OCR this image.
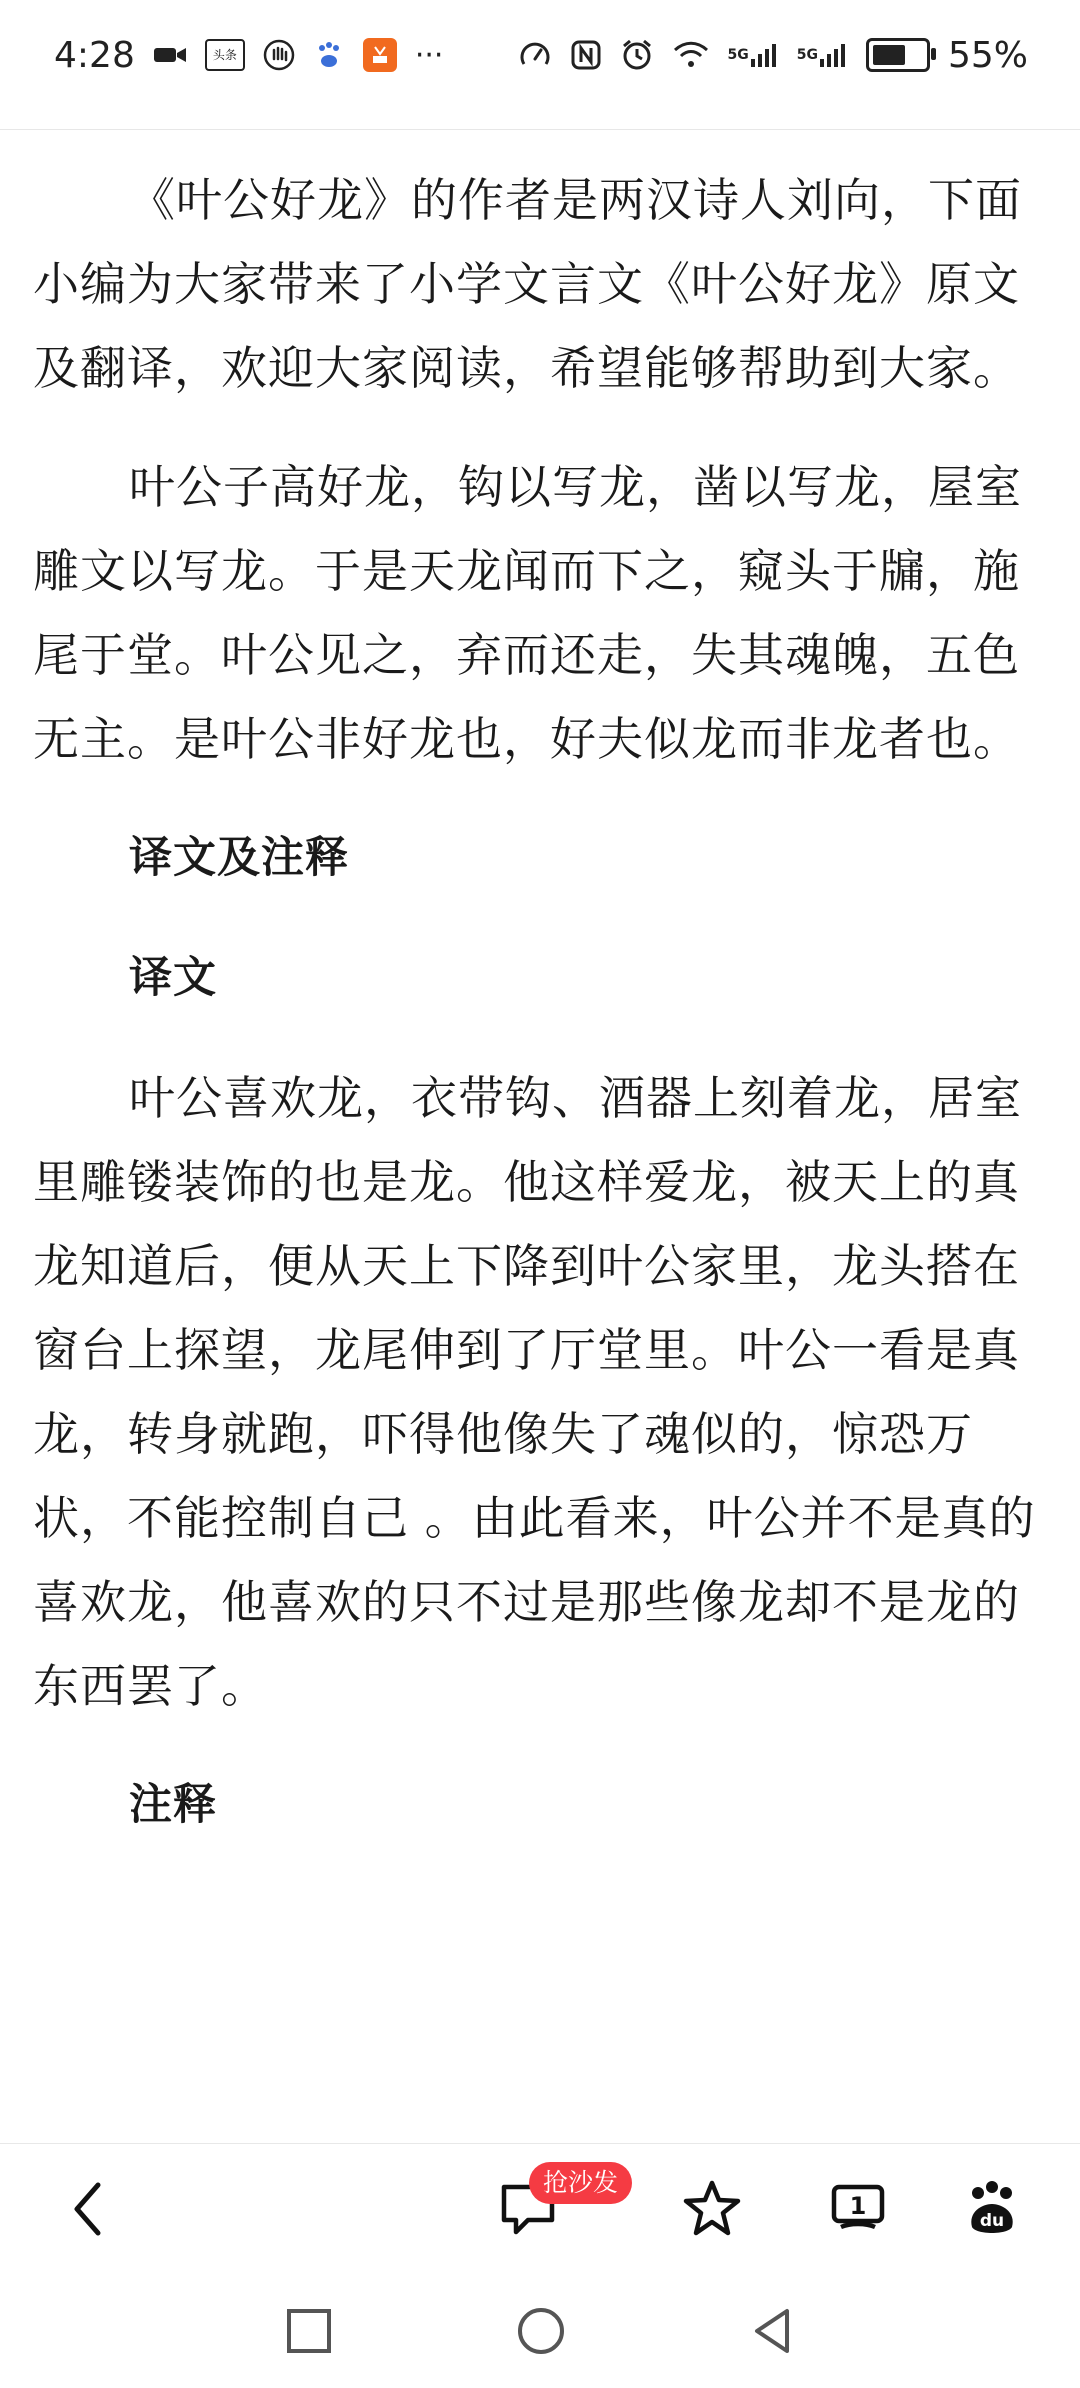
4:28	头条	···	5G	5G	55%

《叶公好龙》的作者是两汉诗人刘向，下面小编为大家带来了小学文言文《叶公好龙》原文及翻译，欢迎大家阅读，希望能够帮助到大家。

叶公子高好龙，钩以写龙，凿以写龙，屋室雕文以写龙。于是天龙闻而下之，窥头于牖，施尾于堂。叶公见之，弃而还走，失其魂魄，五色无主。是叶公非好龙也，好夫似龙而非龙者也。

译文及注释
译文

叶公喜欢龙，衣带钩、酒器上刻着龙，居室里雕镂装饰的也是龙。他这样爱龙，被天上的真龙知道后，便从天上下降到叶公家里，龙头搭在窗台上探望，龙尾伸到了厅堂里。叶公一看是真龙，转身就跑，吓得他像失了魂似的，惊恐万状，不能控制自己 。由此看来，叶公并不是真的喜欢龙，他喜欢的只不过是那些像龙却不是龙的东西罢了。

注释
1
du
抢沙发
